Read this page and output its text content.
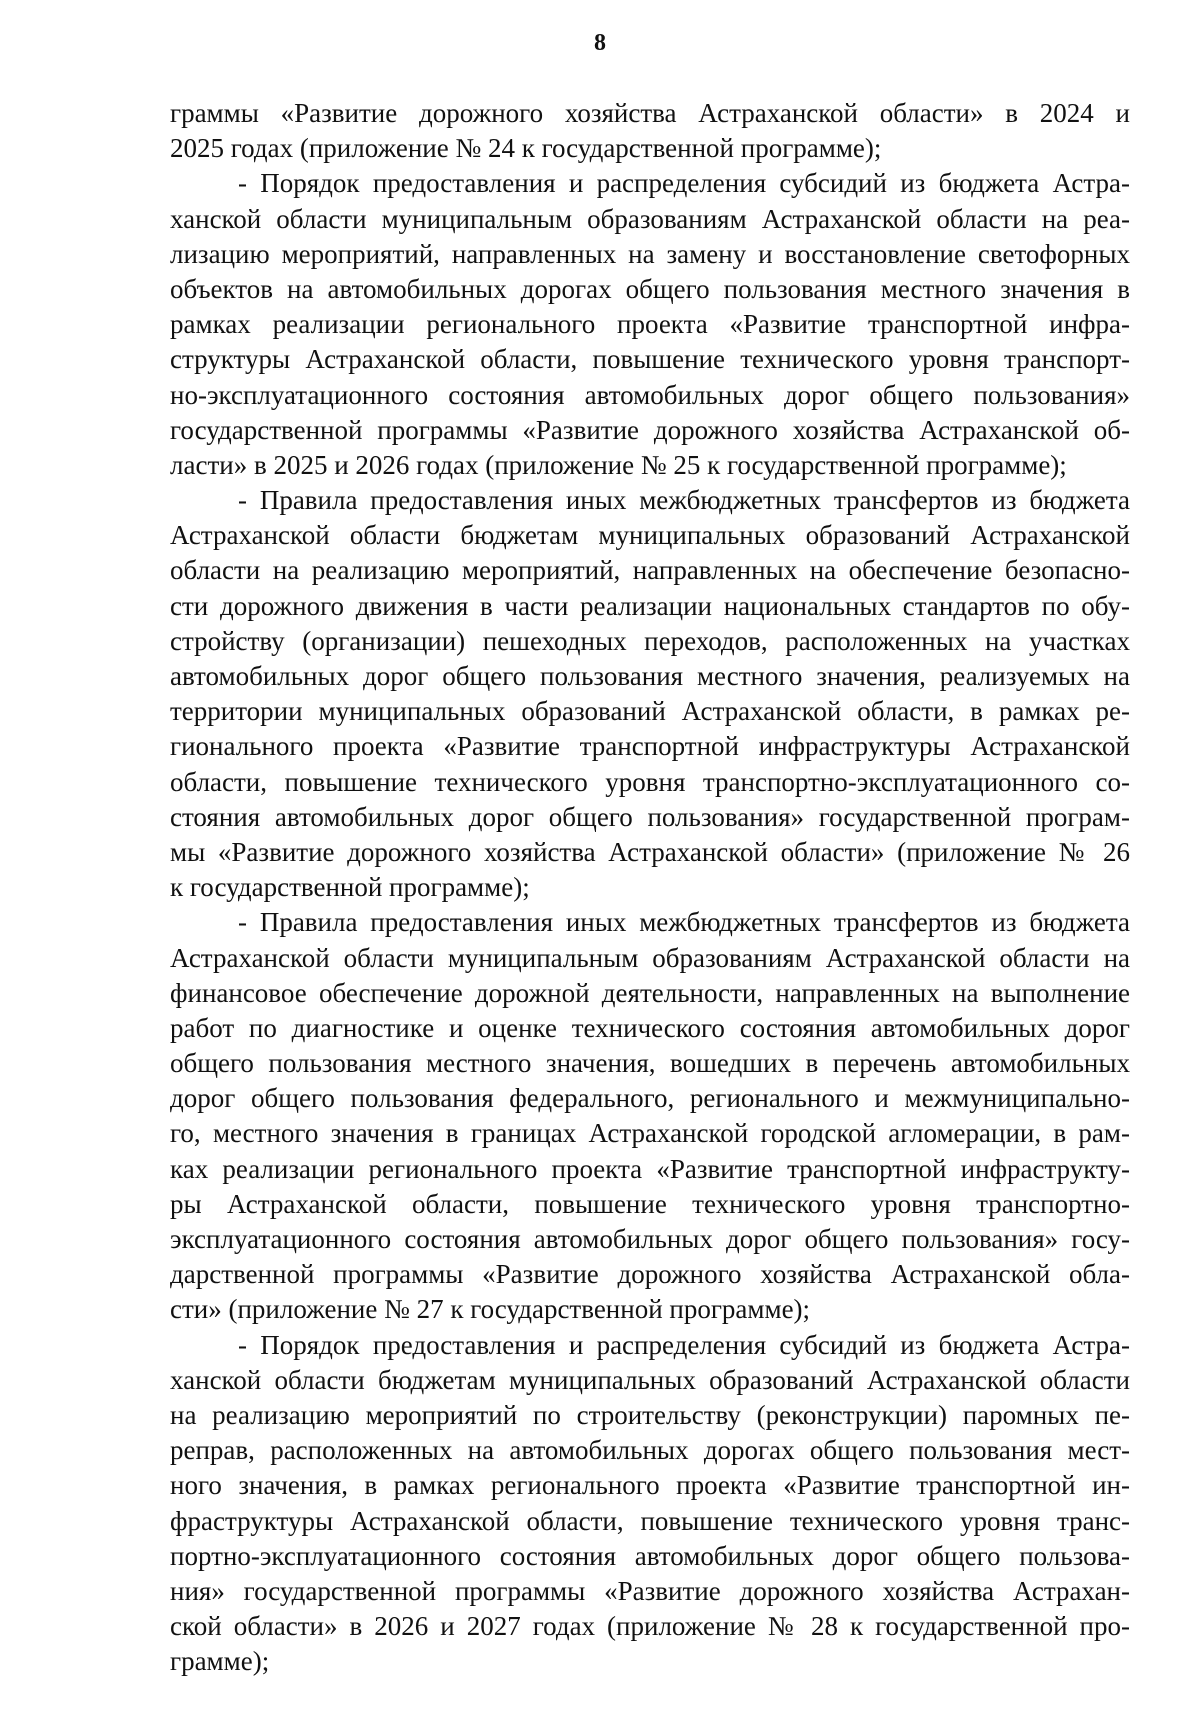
8
граммы «Развитие дорожного хозяйства Астраханской области» в 2024 и
2025 годах (приложение № 24 к государственной программе);
- Порядок предоставления и распределения субсидий из бюджета Астра-
ханской области муниципальным образованиям Астраханской области на реа-
лизацию мероприятий, направленных на замену и восстановление светофорных
объектов на автомобильных дорогах общего пользования местного значения в
рамках реализации регионального проекта «Развитие транспортной инфра-
структуры Астраханской области, повышение технического уровня транспорт-
но-эксплуатационного состояния автомобильных дорог общего пользования»
государственной программы «Развитие дорожного хозяйства Астраханской об-
ласти» в 2025 и 2026 годах (приложение № 25 к государственной программе);
- Правила предоставления иных межбюджетных трансфертов из бюджета
Астраханской области бюджетам муниципальных образований Астраханской
области на реализацию мероприятий, направленных на обеспечение безопасно-
сти дорожного движения в части реализации национальных стандартов по обу-
стройству (организации) пешеходных переходов, расположенных на участках
автомобильных дорог общего пользования местного значения, реализуемых на
территории муниципальных образований Астраханской области, в рамках ре-
гионального проекта «Развитие транспортной инфраструктуры Астраханской
области, повышение технического уровня транспортно-эксплуатационного со-
стояния автомобильных дорог общего пользования» государственной програм-
мы «Развитие дорожного хозяйства Астраханской области» (приложение № 26
к государственной программе);
- Правила предоставления иных межбюджетных трансфертов из бюджета
Астраханской области муниципальным образованиям Астраханской области на
финансовое обеспечение дорожной деятельности, направленных на выполнение
работ по диагностике и оценке технического состояния автомобильных дорог
общего пользования местного значения, вошедших в перечень автомобильных
дорог общего пользования федерального, регионального и межмуниципально-
го, местного значения в границах Астраханской городской агломерации, в рам-
ках реализации регионального проекта «Развитие транспортной инфраструкту-
ры Астраханской области, повышение технического уровня транспортно-
эксплуатационного состояния автомобильных дорог общего пользования» госу-
дарственной программы «Развитие дорожного хозяйства Астраханской обла-
сти» (приложение № 27 к государственной программе);
- Порядок предоставления и распределения субсидий из бюджета Астра-
ханской области бюджетам муниципальных образований Астраханской области
на реализацию мероприятий по строительству (реконструкции) паромных пе-
реправ, расположенных на автомобильных дорогах общего пользования мест-
ного значения, в рамках регионального проекта «Развитие транспортной ин-
фраструктуры Астраханской области, повышение технического уровня транс-
портно-эксплуатационного состояния автомобильных дорог общего пользова-
ния» государственной программы «Развитие дорожного хозяйства Астрахан-
ской области» в 2026 и 2027 годах (приложение № 28 к государственной про-
грамме);
